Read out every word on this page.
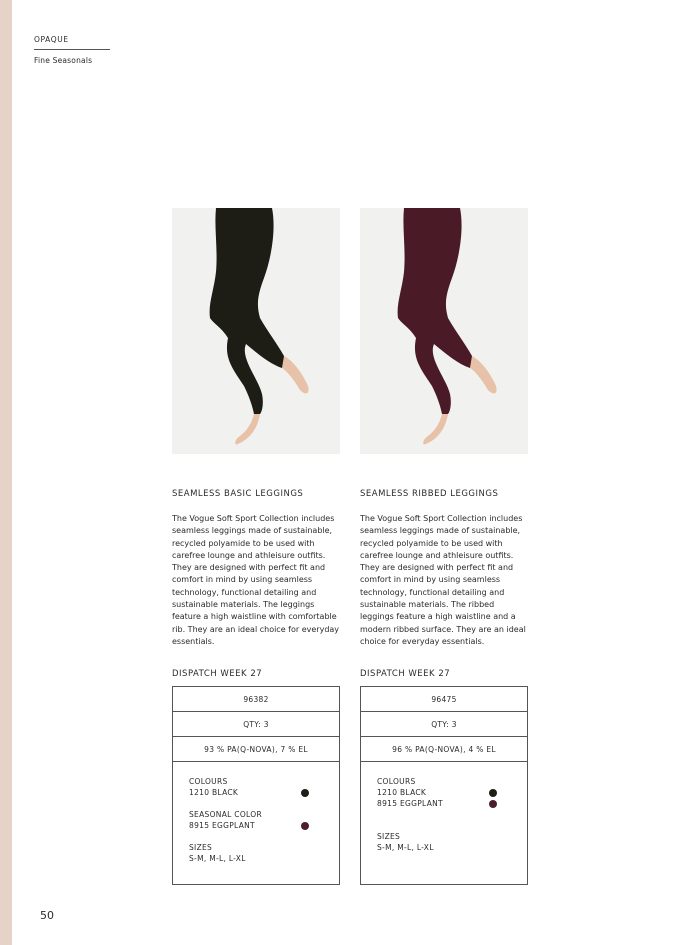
OPAQUE
Fine Seasonals
SEAMLESS BASIC LEGGINGS
The Vogue Soft Sport Collection includes seamless leggings made of sustainable, recycled polyamide to be used with carefree lounge and athleisure outfits. They are designed with perfect fit and comfort in mind by using seamless technology, functional detailing and sustainable materials. The leggings feature a high waistline with comfortable rib. They are an ideal choice for everyday essentials.
DISPATCH WEEK 27
96382
QTY: 3
93 % PA(Q-NOVA), 7 % EL
COLOURS
1210 BLACK
SEASONAL COLOR
8915 EGGPLANT
SIZES
S-M, M-L, L-XL
SEAMLESS RIBBED LEGGINGS
The Vogue Soft Sport Collection includes seamless leggings made of sustainable, recycled polyamide to be used with carefree lounge and athleisure outfits. They are designed with perfect fit and comfort in mind by using seamless technology, functional detailing and sustainable materials. The ribbed leggings feature a high waistline and a modern ribbed surface. They are an ideal choice for everyday essentials.
DISPATCH WEEK 27
96475
QTY: 3
96 % PA(Q-NOVA), 4 % EL
COLOURS
1210 BLACK
8915 EGGPLANT
SIZES
S-M, M-L, L-XL
50
